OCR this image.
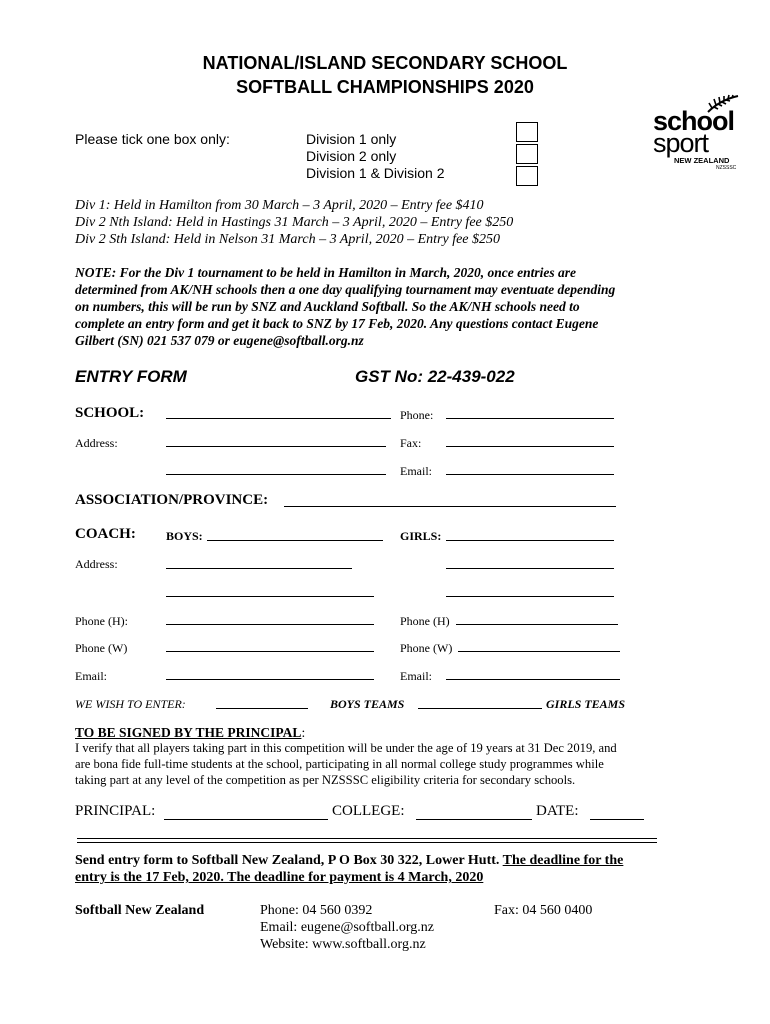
NATIONAL/ISLAND SECONDARY SCHOOL
SOFTBALL CHAMPIONSHIPS 2020
school
sport
NEW ZEALAND
NZSSSC
Please tick one box only:	Division 1 only
Division 2 only
Division 1 & Division 2
Div 1: Held in Hamilton from 30 March – 3 April, 2020 – Entry fee $410
Div 2 Nth Island: Held in Hastings 31 March – 3 April, 2020 – Entry fee $250
Div 2 Sth Island: Held in Nelson 31 March – 3 April, 2020 – Entry fee $250
NOTE: For the Div 1 tournament to be held in Hamilton in March, 2020, once entries are
determined from AK/NH schools then a one day qualifying tournament may eventuate depending
on numbers, this will be run by SNZ and Auckland Softball. So the AK/NH schools need to
complete an entry form and get it back to SNZ by 17 Feb, 2020. Any questions contact Eugene
Gilbert (SN) 021 537 079 or eugene@softball.org.nz
ENTRY FORM	GST No: 22-439-022
SCHOOL:	Phone:
Address:	Fax:
Email:
ASSOCIATION/PROVINCE:
COACH:	BOYS:	GIRLS:
Address:
Phone (H):	Phone (H)
Phone (W)	Phone (W)
Email:	Email:
WE WISH TO ENTER:	BOYS TEAMS	GIRLS TEAMS
TO BE SIGNED BY THE PRINCIPAL:
I verify that all players taking part in this competition will be under the age of 19 years at 31 Dec 2019, and
are bona fide full-time students at the school, participating in all normal college study programmes while
taking part at any level of the competition as per NZSSSC eligibility criteria for secondary schools.
PRINCIPAL:	COLLEGE:	DATE:
Send entry form to Softball New Zealand, P O Box 30 322, Lower Hutt. The deadline for the
entry is the 17 Feb, 2020. The deadline for payment is 4 March, 2020
Softball New Zealand	Phone: 04 560 0392	Fax: 04 560 0400
Email: eugene@softball.org.nz
Website: www.softball.org.nz
